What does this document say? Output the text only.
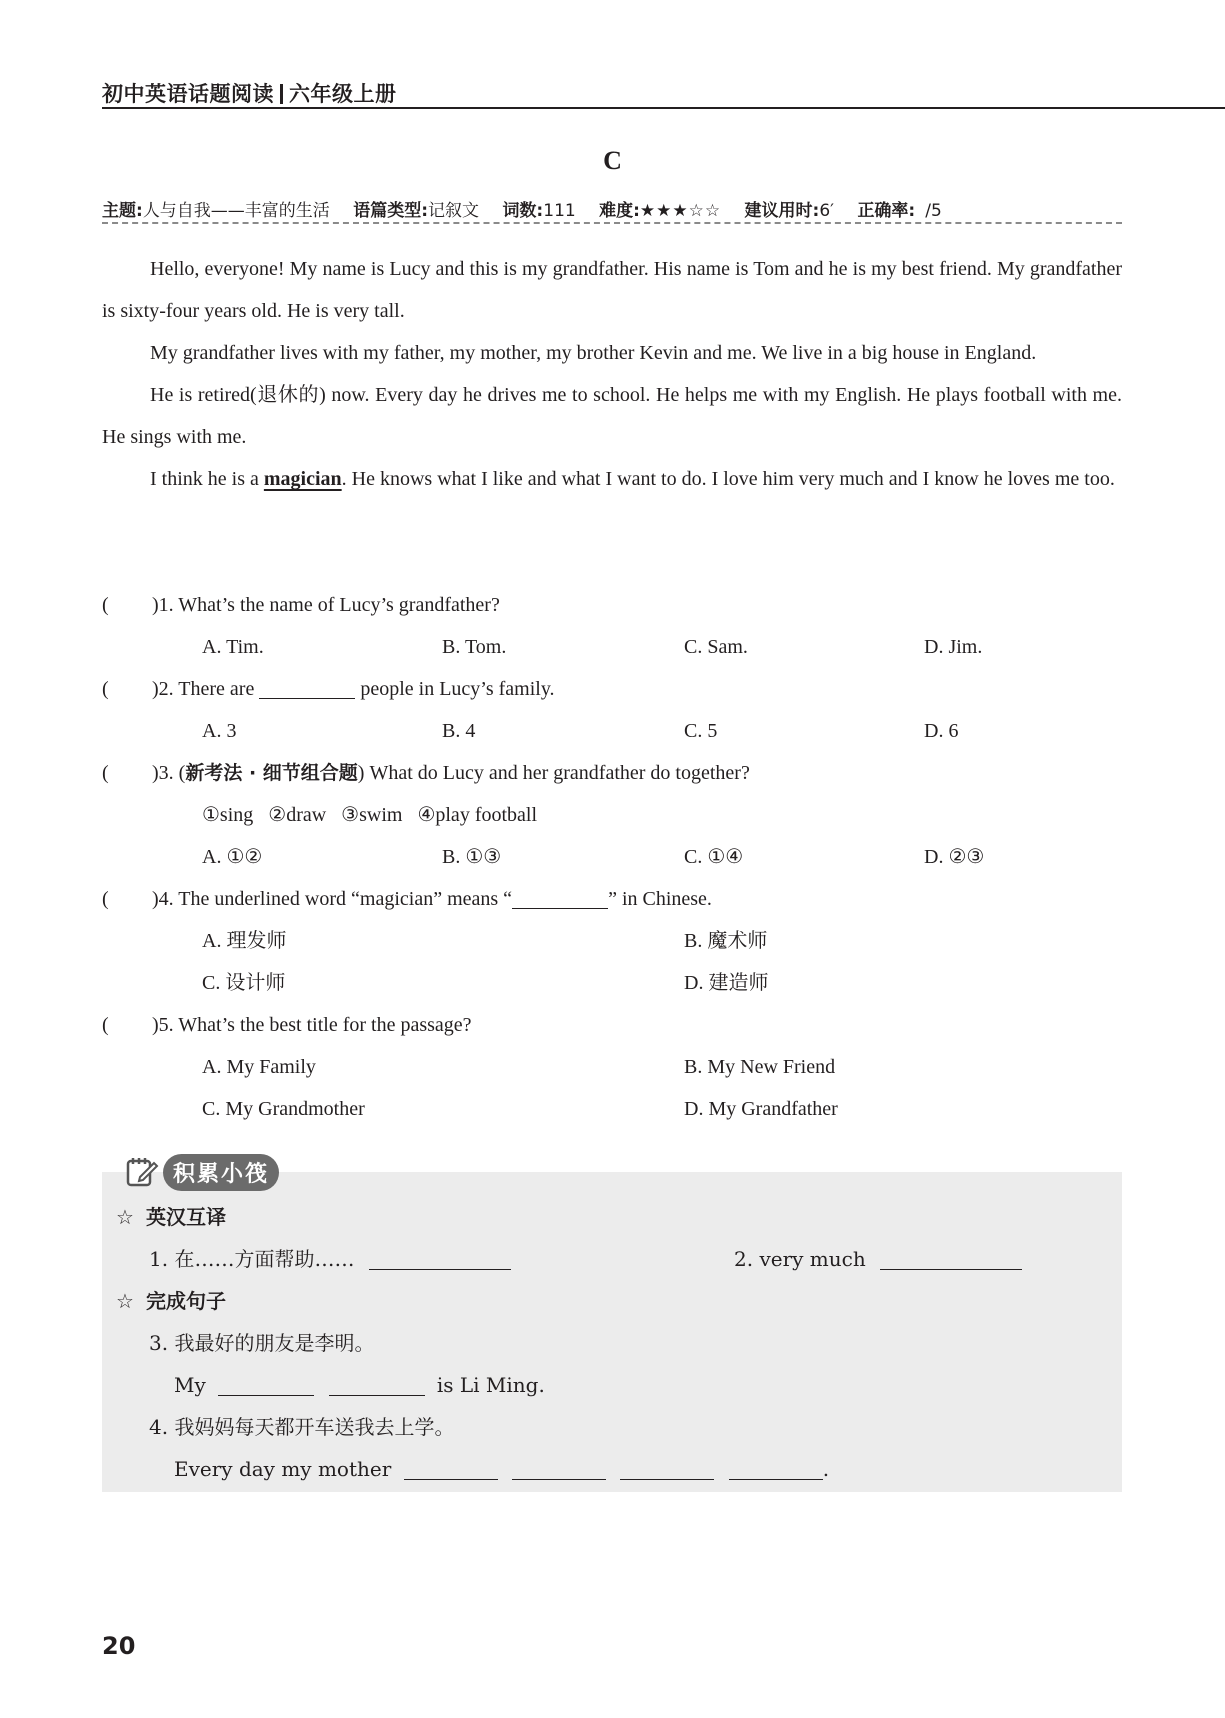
初中英语话题阅读 六年级上册
C
主题:人与自我——丰富的生活 语篇类型:记叙文 词数:111 难度:★★★☆☆ 建议用时:6′ 正确率: /5

Hello, everyone! My name is Lucy and this is my grandfather. His name is Tom and he is my best friend. My grandfather is sixty-four years old. He is very tall.

My grandfather lives with my father, my mother, my brother Kevin and me. We live in a big house in England.

He is retired(退休的) now. Every day he drives me to school. He helps me with my English. He plays football with me. He sings with me.

I think he is a magician. He knows what I like and what I want to do. I love him very much and I know he loves me too.

( )1. What’s the name of Lucy’s grandfather?
A. Tim.	B. Tom.	C. Sam.	D. Jim.
( )2. There are	people in Lucy’s family.
A. 3	B. 4	C. 5	D. 6
( )3. (新考法 · 细节组合题) What do Lucy and her grandfather do together?
①sing   ②draw   ③swim   ④play football
A. ①②	B. ①③	C. ①④	D. ②③
( )4. The underlined word “magician” means “	” in Chinese.
A. 理发师	B. 魔术师
C. 设计师	D. 建造师
( )5. What’s the best title for the passage?
A. My Family	B. My New Friend
C. My Grandmother	D. My Grandfather
积累小筏
☆ 英汉互译
1. 在……方面帮助……	2. very much
☆ 完成句子
3. 我最好的朋友是李明。
My	is Li Ming.
4. 我妈妈每天都开车送我去上学。
Every day my mother	.
20
